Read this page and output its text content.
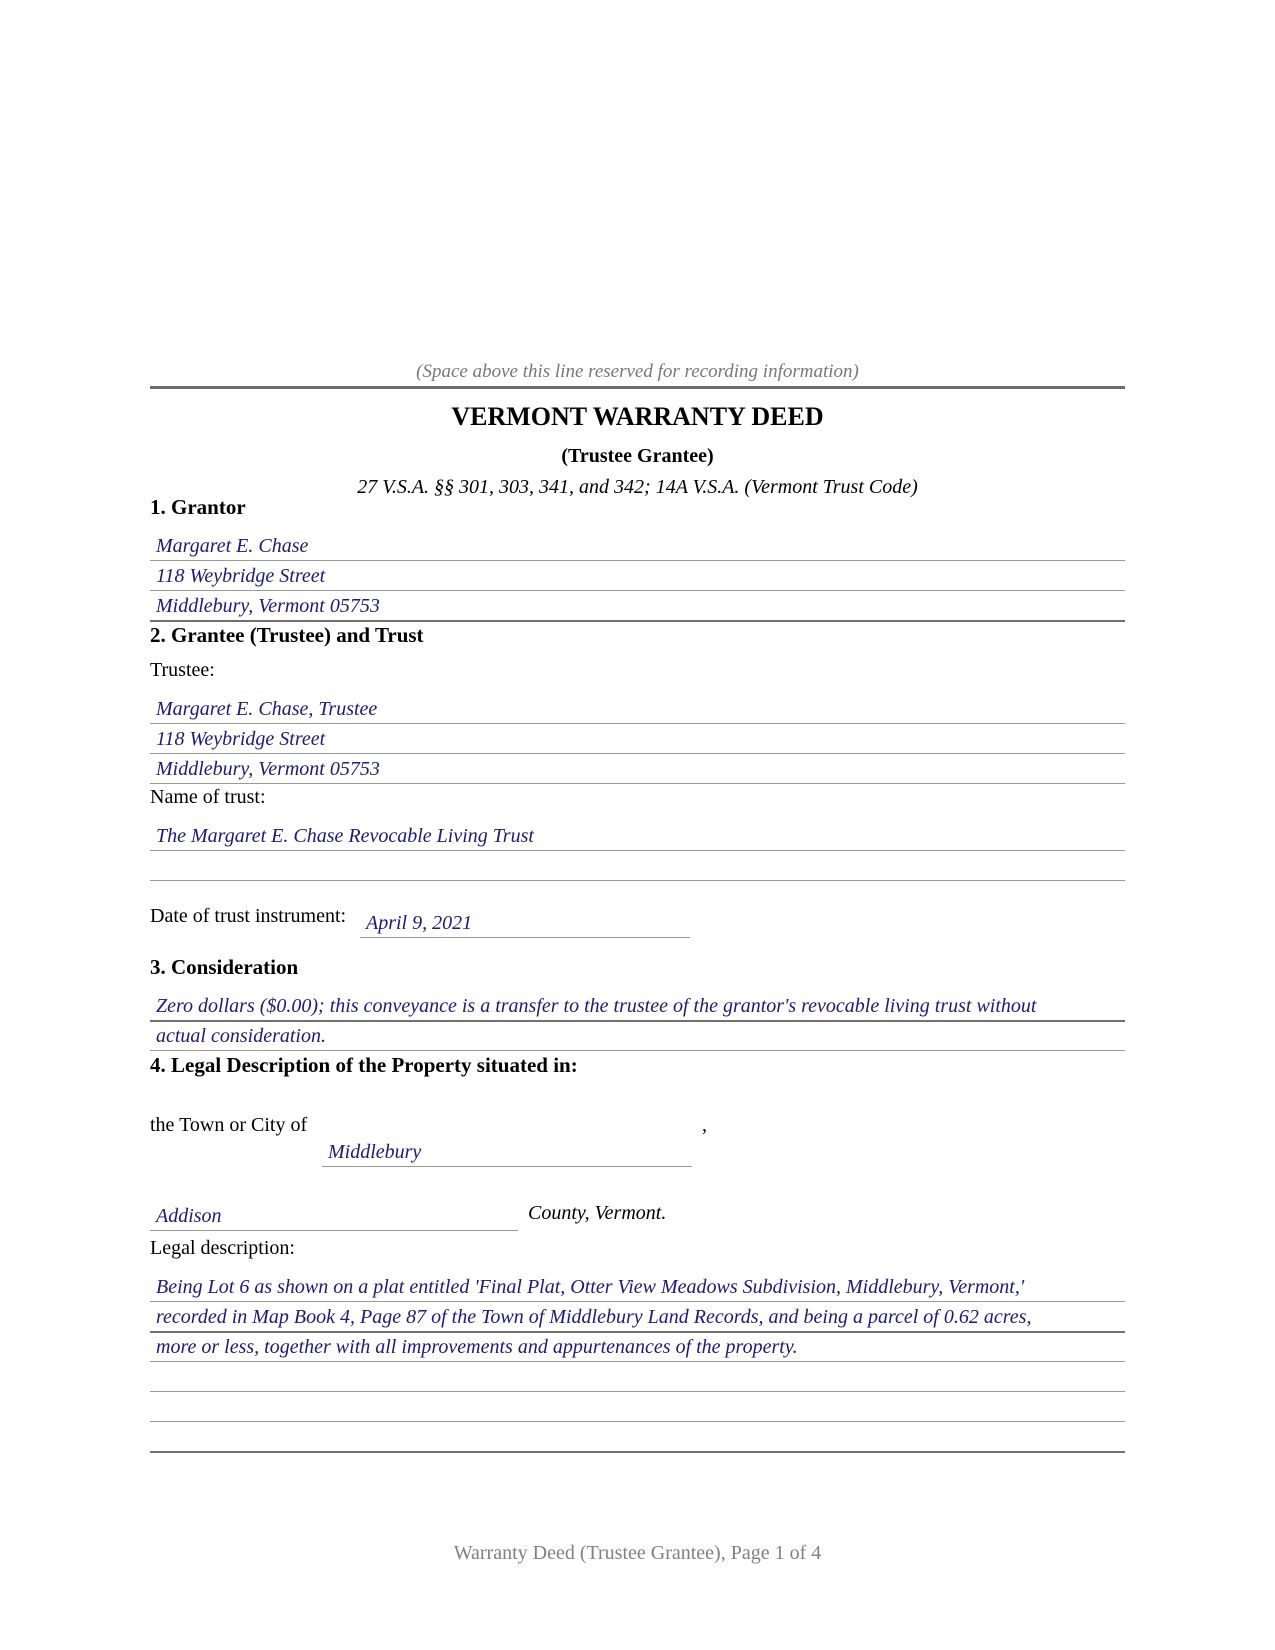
(Space above this line reserved for recording information)
VERMONT WARRANTY DEED
(Trustee Grantee)
27 V.S.A. §§ 301, 303, 341, and 342; 14A V.S.A. (Vermont Trust Code)
1. Grantor
Margaret E. Chase
118 Weybridge Street
Middlebury, Vermont 05753
2. Grantee (Trustee) and Trust
Trustee:
Margaret E. Chase, Trustee
118 Weybridge Street
Middlebury, Vermont 05753
Name of trust:
The Margaret E. Chase Revocable Living Trust
Date of trust instrument: April 9, 2021
3. Consideration
Zero dollars ($0.00); this conveyance is a transfer to the trustee of the grantor's revocable living trust without
actual consideration.
4. Legal Description of the Property situated in:
the Town or City of
Middlebury
,
Addison	County, Vermont.
Legal description:
Being Lot 6 as shown on a plat entitled 'Final Plat, Otter View Meadows Subdivision, Middlebury, Vermont,'
recorded in Map Book 4, Page 87 of the Town of Middlebury Land Records, and being a parcel of 0.62 acres,
more or less, together with all improvements and appurtenances of the property.
Warranty Deed (Trustee Grantee), Page 1 of 4
